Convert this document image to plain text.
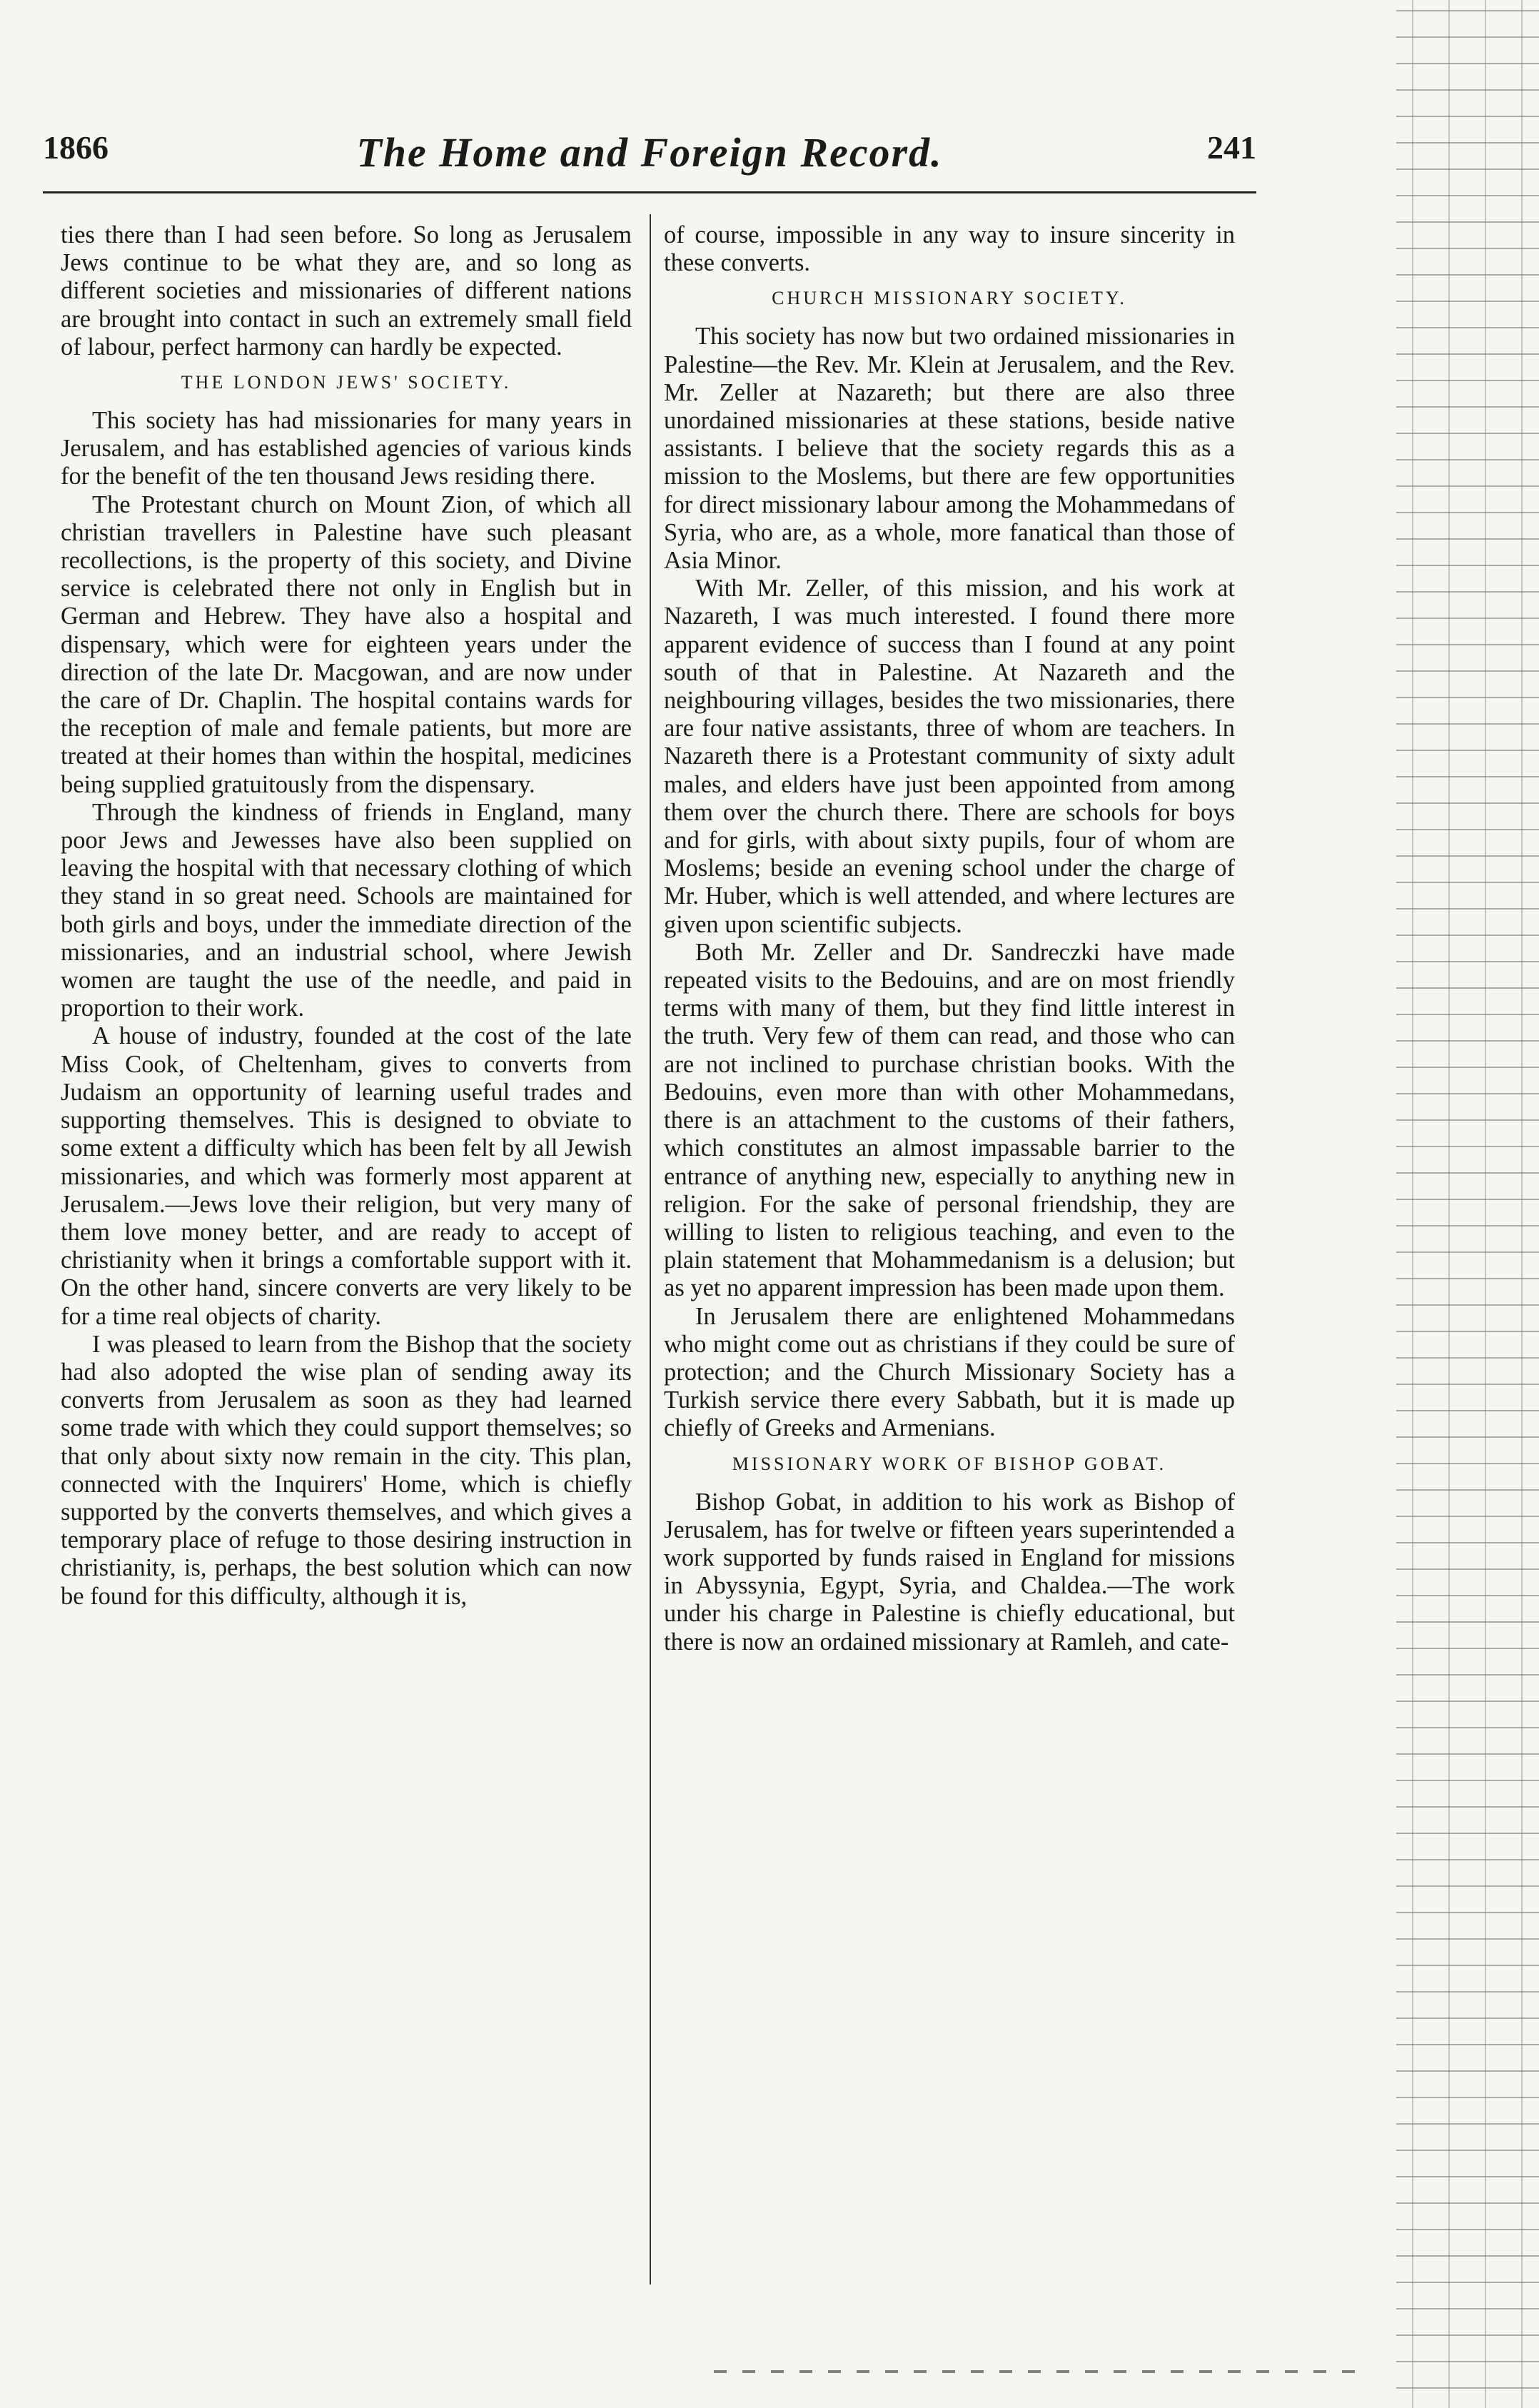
1866	The Home and Foreign Record.	241

ties there than I had seen before. So long as Jerusalem Jews continue to be what they are, and so long as different societies and missionaries of different nations are brought into contact in such an extremely small field of labour, perfect harmony can hardly be expected.

THE LONDON JEWS' SOCIETY.

This society has had missionaries for many years in Jerusalem, and has established agencies of various kinds for the benefit of the ten thousand Jews residing there.

The Protestant church on Mount Zion, of which all christian travellers in Palestine have such pleasant recollections, is the property of this society, and Divine service is celebrated there not only in English but in German and Hebrew. They have also a hospital and dispensary, which were for eighteen years under the direction of the late Dr. Macgowan, and are now under the care of Dr. Chaplin. The hospital contains wards for the reception of male and female patients, but more are treated at their homes than within the hospital, medicines being supplied gratuitously from the dispensary.

Through the kindness of friends in England, many poor Jews and Jewesses have also been supplied on leaving the hospital with that necessary clothing of which they stand in so great need. Schools are maintained for both girls and boys, under the immediate direction of the missionaries, and an industrial school, where Jewish women are taught the use of the needle, and paid in proportion to their work.

A house of industry, founded at the cost of the late Miss Cook, of Cheltenham, gives to converts from Judaism an opportunity of learning useful trades and supporting themselves. This is designed to obviate to some extent a difficulty which has been felt by all Jewish missionaries, and which was formerly most apparent at Jerusalem.—Jews love their religion, but very many of them love money better, and are ready to accept of christianity when it brings a comfortable support with it. On the other hand, sincere converts are very likely to be for a time real objects of charity.

I was pleased to learn from the Bishop that the society had also adopted the wise plan of sending away its converts from Jerusalem as soon as they had learned some trade with which they could support themselves; so that only about sixty now remain in the city. This plan, connected with the Inquirers' Home, which is chiefly supported by the converts themselves, and which gives a temporary place of refuge to those desiring instruction in christianity, is, perhaps, the best solution which can now be found for this difficulty, although it is,

of course, impossible in any way to insure sincerity in these converts.

CHURCH MISSIONARY SOCIETY.

This society has now but two ordained missionaries in Palestine—the Rev. Mr. Klein at Jerusalem, and the Rev. Mr. Zeller at Nazareth; but there are also three unordained missionaries at these stations, beside native assistants. I believe that the society regards this as a mission to the Moslems, but there are few opportunities for direct missionary labour among the Mohammedans of Syria, who are, as a whole, more fanatical than those of Asia Minor.

With Mr. Zeller, of this mission, and his work at Nazareth, I was much interested. I found there more apparent evidence of success than I found at any point south of that in Palestine. At Nazareth and the neighbouring villages, besides the two missionaries, there are four native assistants, three of whom are teachers. In Nazareth there is a Protestant community of sixty adult males, and elders have just been appointed from among them over the church there. There are schools for boys and for girls, with about sixty pupils, four of whom are Moslems; beside an evening school under the charge of Mr. Huber, which is well attended, and where lectures are given upon scientific subjects.

Both Mr. Zeller and Dr. Sandreczki have made repeated visits to the Bedouins, and are on most friendly terms with many of them, but they find little interest in the truth. Very few of them can read, and those who can are not inclined to purchase christian books. With the Bedouins, even more than with other Mohammedans, there is an attachment to the customs of their fathers, which constitutes an almost impassable barrier to the entrance of anything new, especially to anything new in religion. For the sake of personal friendship, they are willing to listen to religious teaching, and even to the plain statement that Mohammedanism is a delusion; but as yet no apparent impression has been made upon them.

In Jerusalem there are enlightened Mohammedans who might come out as christians if they could be sure of protection; and the Church Missionary Society has a Turkish service there every Sabbath, but it is made up chiefly of Greeks and Armenians.

MISSIONARY WORK OF BISHOP GOBAT.

Bishop Gobat, in addition to his work as Bishop of Jerusalem, has for twelve or fifteen years superintended a work supported by funds raised in England for missions in Abyssynia, Egypt, Syria, and Chaldea.—The work under his charge in Palestine is chiefly educational, but there is now an ordained missionary at Ramleh, and cate-
